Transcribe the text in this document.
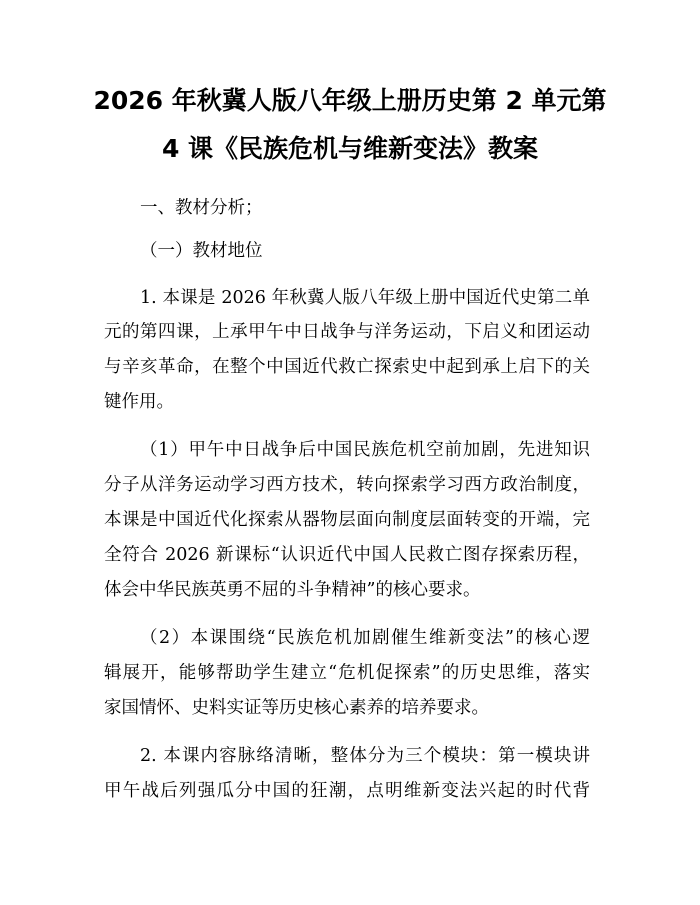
2026 年秋冀人版八年级上册历史第 2 单元第
4 课《民族危机与维新变法》教案
一、教材分析；
（一）教材地位
1. 本课是 2026 年秋冀人版八年级上册中国近代史第二单
元的第四课，上承甲午中日战争与洋务运动，下启义和团运动
与辛亥革命，在整个中国近代救亡探索史中起到承上启下的关
键作用。
（1）甲午中日战争后中国民族危机空前加剧，先进知识
分子从洋务运动学习西方技术，转向探索学习西方政治制度，
本课是中国近代化探索从器物层面向制度层面转变的开端，完
全符合 2026 新课标“认识近代中国人民救亡图存探索历程，
体会中华民族英勇不屈的斗争精神”的核心要求。
（2）本课围绕“民族危机加剧催生维新变法”的核心逻
辑展开，能够帮助学生建立“危机促探索”的历史思维，落实
家国情怀、史料实证等历史核心素养的培养要求。
2. 本课内容脉络清晰，整体分为三个模块：第一模块讲
甲午战后列强瓜分中国的狂潮，点明维新变法兴起的时代背
